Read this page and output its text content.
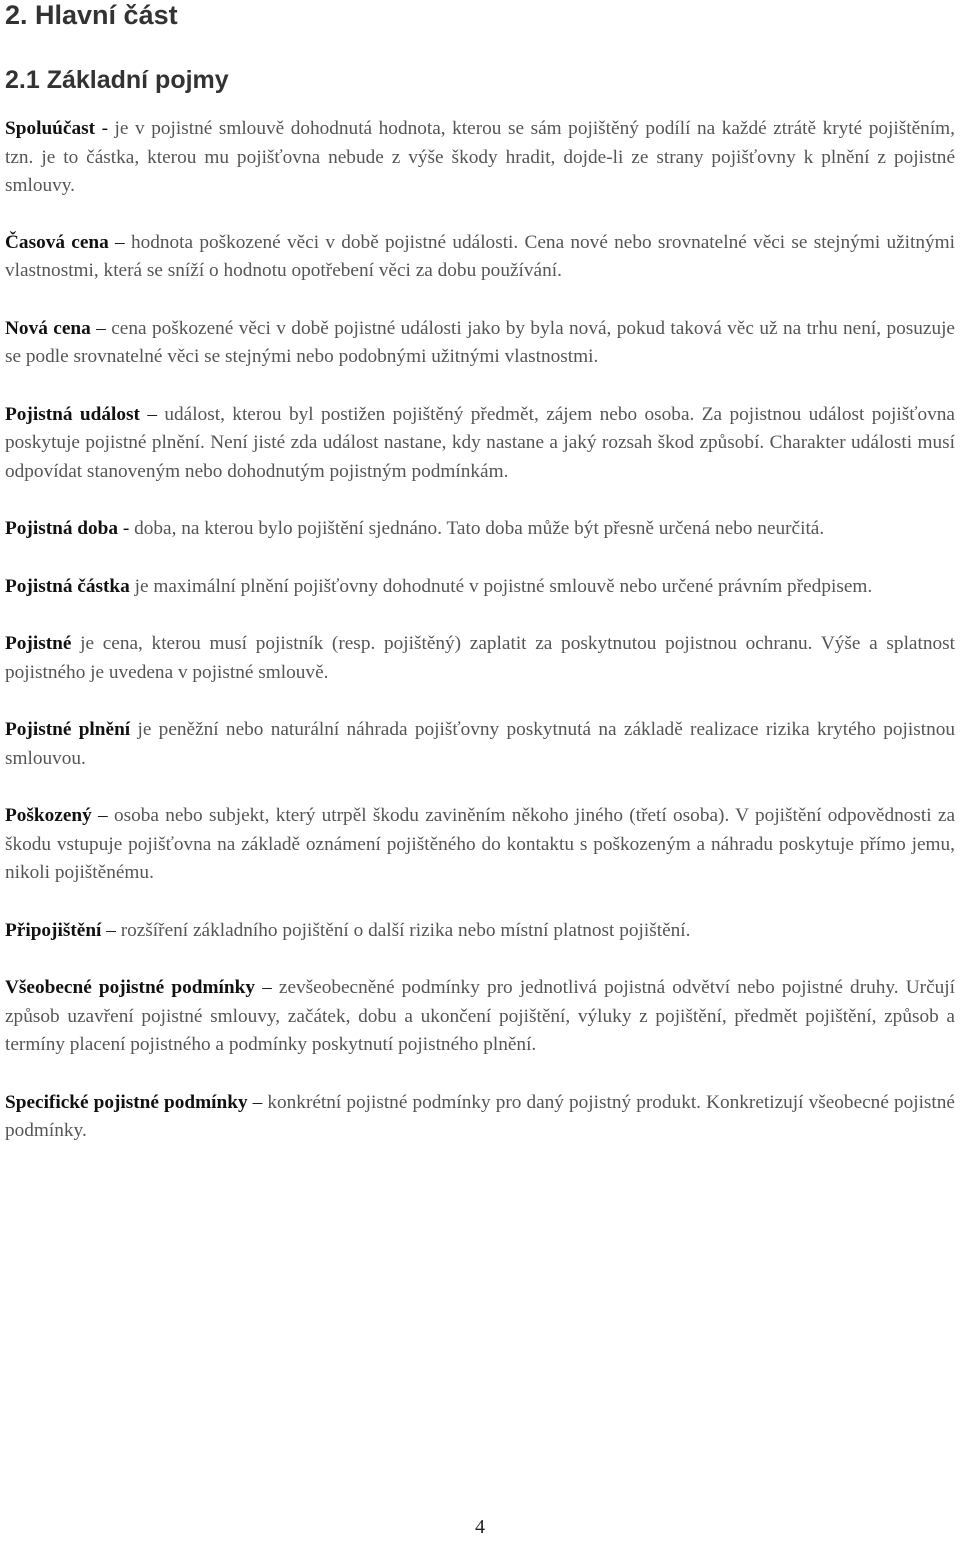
2. Hlavní část
2.1 Základní pojmy

Spoluúčast - je v pojistné smlouvě dohodnutá hodnota, kterou se sám pojištěný podílí na každé ztrátě kryté pojištěním, tzn. je to částka, kterou mu pojišťovna nebude z výše škody hradit, dojde-li ze strany pojišťovny k plnění z pojistné smlouvy.

Časová cena – hodnota poškozené věci v době pojistné události. Cena nové nebo srovnatelné věci se stejnými užitnými vlastnostmi, která se sníží o hodnotu opotřebení věci za dobu používání.

Nová cena – cena poškozené věci v době pojistné události jako by byla nová, pokud taková věc už na trhu není, posuzuje se podle srovnatelné věci se stejnými nebo podobnými užitnými vlastnostmi.

Pojistná událost – událost, kterou byl postižen pojištěný předmět, zájem nebo osoba. Za pojistnou událost pojišťovna poskytuje pojistné plnění. Není jisté zda událost nastane, kdy nastane a jaký rozsah škod způsobí. Charakter události musí odpovídat stanoveným nebo dohodnutým pojistným podmínkám.

Pojistná doba - doba, na kterou bylo pojištění sjednáno. Tato doba může být přesně určená nebo neurčitá.

Pojistná částka je maximální plnění pojišťovny dohodnuté v pojistné smlouvě nebo určené právním předpisem.

Pojistné je cena, kterou musí pojistník (resp. pojištěný) zaplatit za poskytnutou pojistnou ochranu. Výše a splatnost pojistného je uvedena v pojistné smlouvě.

Pojistné plnění je peněžní nebo naturální náhrada pojišťovny poskytnutá na základě realizace rizika krytého pojistnou smlouvou.

Poškozený – osoba nebo subjekt, který utrpěl škodu zaviněním někoho jiného (třetí osoba). V pojištění odpovědnosti za škodu vstupuje pojišťovna na základě oznámení pojištěného do kontaktu s poškozeným a náhradu poskytuje přímo jemu, nikoli pojištěnému.

Připojištění – rozšíření základního pojištění o další rizika nebo místní platnost pojištění.

Všeobecné pojistné podmínky – zevšeobecněné podmínky pro jednotlivá pojistná odvětví nebo pojistné druhy. Určují způsob uzavření pojistné smlouvy, začátek, dobu a ukončení pojištění, výluky z pojištění, předmět pojištění, způsob a termíny placení pojistného a podmínky poskytnutí pojistného plnění.

Specifické pojistné podmínky – konkrétní pojistné podmínky pro daný pojistný produkt. Konkretizují všeobecné pojistné podmínky.

4
